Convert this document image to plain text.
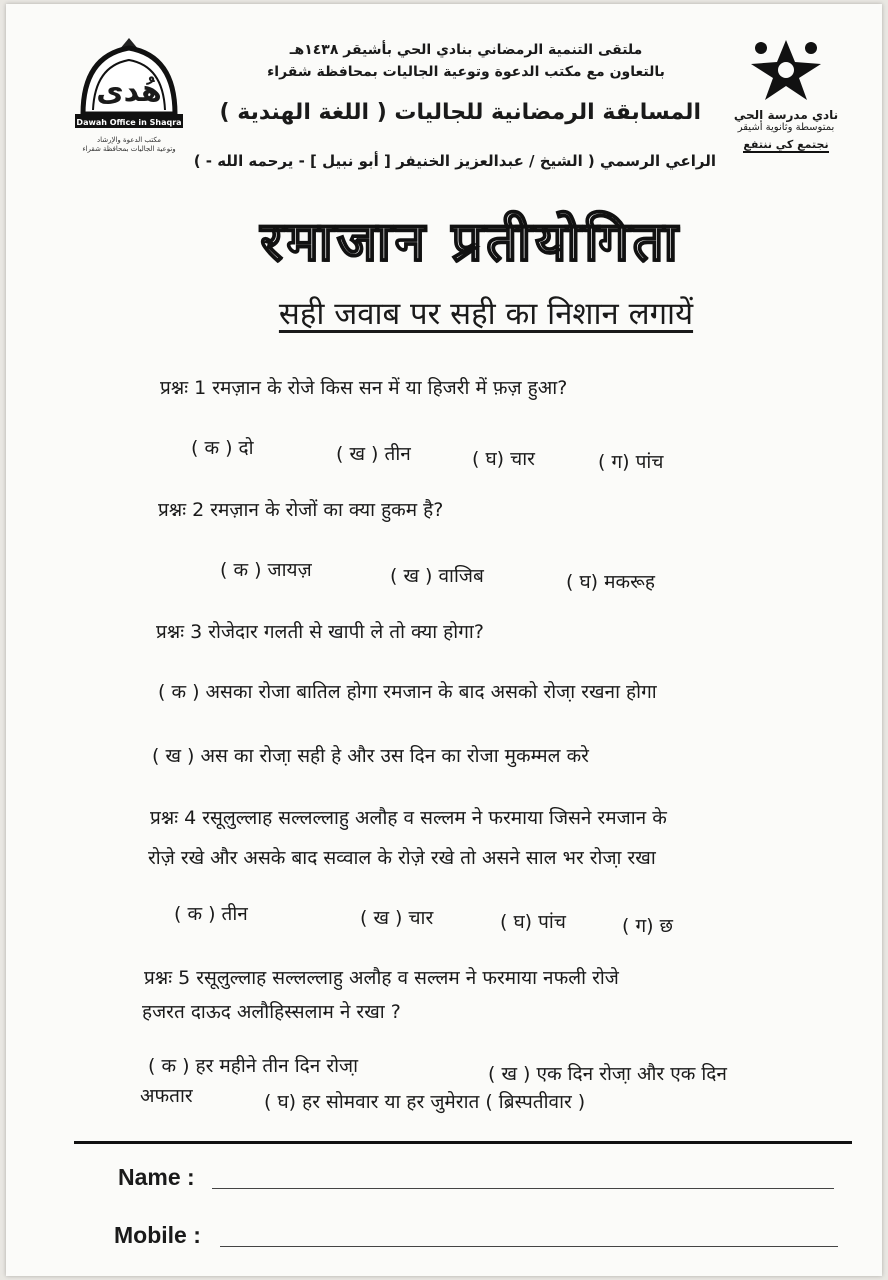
هُدى
Dawah Office in Shaqra
مكتب الدعوة والإرشاد
وتوعية الجاليات بمحافظة شقراء
نادي مدرسة الحي
بمتوسطة وثانوية أشيقر
نجتمع كي ننتفع
ملتقى التنمية الرمضاني بنادي الحي بأشيقر ١٤٣٨هـ
بالتعاون مع مكتب الدعوة وتوعية الجاليات بمحافظة شقراء
المسابقة الرمضانية للجاليات ( اللغة الهندية )
الراعي الرسمي ( الشيخ / عبدالعزيز الخنيفر [ أبو نبيل ] - يرحمه الله - )
रमाजान प्रतीयोगिता
सही जवाब पर सही का निशान लगायें
प्रश्नः 1 रमज़ान के रोजे किस सन में या हिजरी में फ़ज़ हुआ?
( क ) दो	( ख ) तीन	( घ) चार	( ग) पांच
प्रश्नः 2 रमज़ान के रोजों का क्या हुकम है?
( क ) जायज़	( ख ) वाजिब	( घ) मकरूह
प्रश्नः 3 रोजेदार गलती से खापी ले तो क्या होगा?
( क ) असका रोजा बातिल होगा रमजान के बाद असको रोजा़ रखना होगा
( ख ) अस का रोजा़ सही हे और उस दिन का रोजा मुकम्मल करे
प्रश्नः 4 रसूलुल्लाह सल्लल्लाहु अलौह व सल्लम ने फरमाया जिसने रमजान के
रोजे़ रखे और असके बाद सव्वाल के रोजे़ रखे तो असने साल भर रोजा़ रखा
( क ) तीन	( ख ) चार	( घ) पांच	( ग) छ
प्रश्नः 5 रसूलुल्लाह सल्लल्लाहु अलौह व सल्लम ने फरमाया नफली रोजे
हजरत दाऊद अलौहिस्सलाम ने रखा ?
( क ) हर महीने तीन दिन रोजा़	( ख ) एक दिन रोजा़ और एक दिन
अफतार	( घ) हर सोमवार या हर जुमेरात ( ब्रिस्पतीवार )
Name :
Mobile :
